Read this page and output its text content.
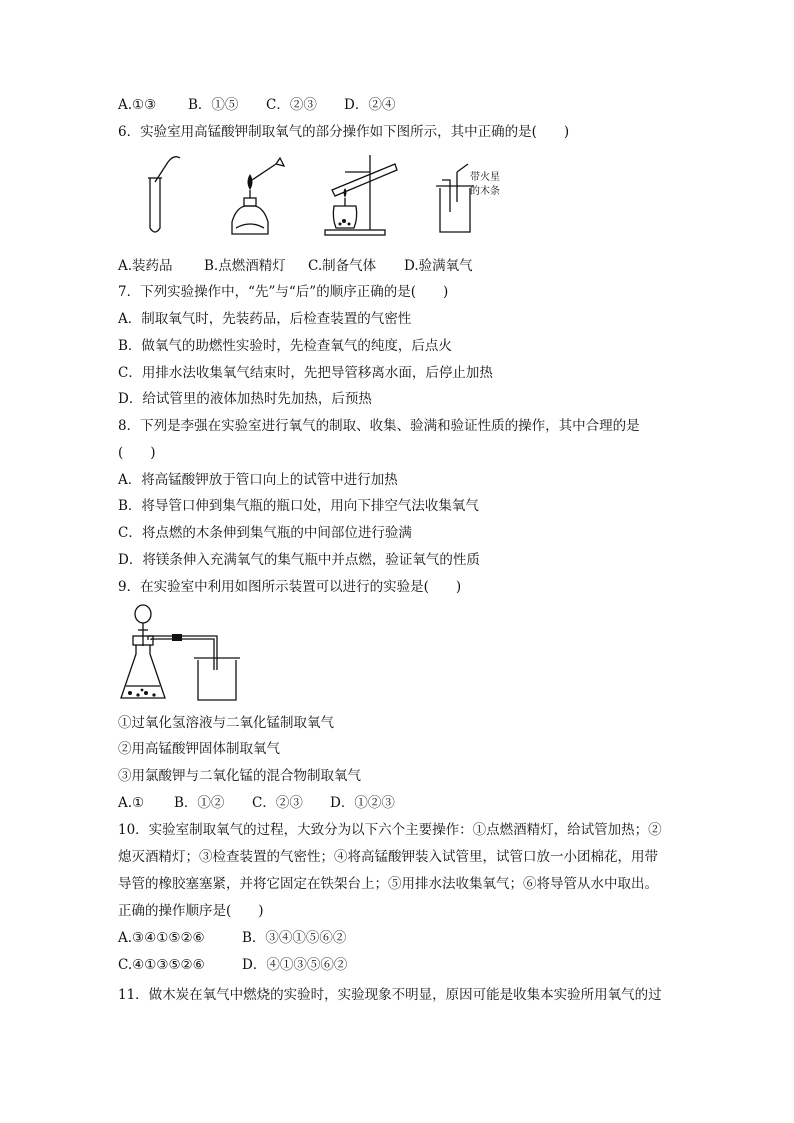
A.①③ B．①⑤ C．②③ D．②④
6．实验室用高锰酸钾制取氧气的部分操作如下图所示，其中正确的是(　　)
带火星
的木条
A.装药品 B.点燃酒精灯 C.制备气体 D.验满氧气
7．下列实验操作中，“先”与“后”的顺序正确的是(　　)
A．制取氧气时，先装药品，后检查装置的气密性
B．做氧气的助燃性实验时，先检查氧气的纯度，后点火
C．用排水法收集氧气结束时，先把导管移离水面，后停止加热
D．给试管里的液体加热时先加热，后预热
8．下列是李强在实验室进行氧气的制取、收集、验满和验证性质的操作，其中合理的是
(　　)
A．将高锰酸钾放于管口向上的试管中进行加热
B．将导管口伸到集气瓶的瓶口处，用向下排空气法收集氧气
C．将点燃的木条伸到集气瓶的中间部位进行验满
D．将镁条伸入充满氧气的集气瓶中并点燃，验证氧气的性质
9．在实验室中利用如图所示装置可以进行的实验是(　　)
①过氧化氢溶液与二氧化锰制取氧气
②用高锰酸钾固体制取氧气
③用氯酸钾与二氧化锰的混合物制取氧气
A.① B．①② C．②③ D．①②③
10．实验室制取氧气的过程，大致分为以下六个主要操作：①点燃酒精灯，给试管加热；②
熄灭酒精灯；③检查装置的气密性；④将高锰酸钾装入试管里，试管口放一小团棉花，用带
导管的橡胶塞塞紧，并将它固定在铁架台上；⑤用排水法收集氧气；⑥将导管从水中取出。
正确的操作顺序是(　　)
A.③④①⑤②⑥	B．③④①⑤⑥②
C.④①③⑤②⑥	D．④①③⑤⑥②
11．做木炭在氧气中燃烧的实验时，实验现象不明显，原因可能是收集本实验所用氧气的过
